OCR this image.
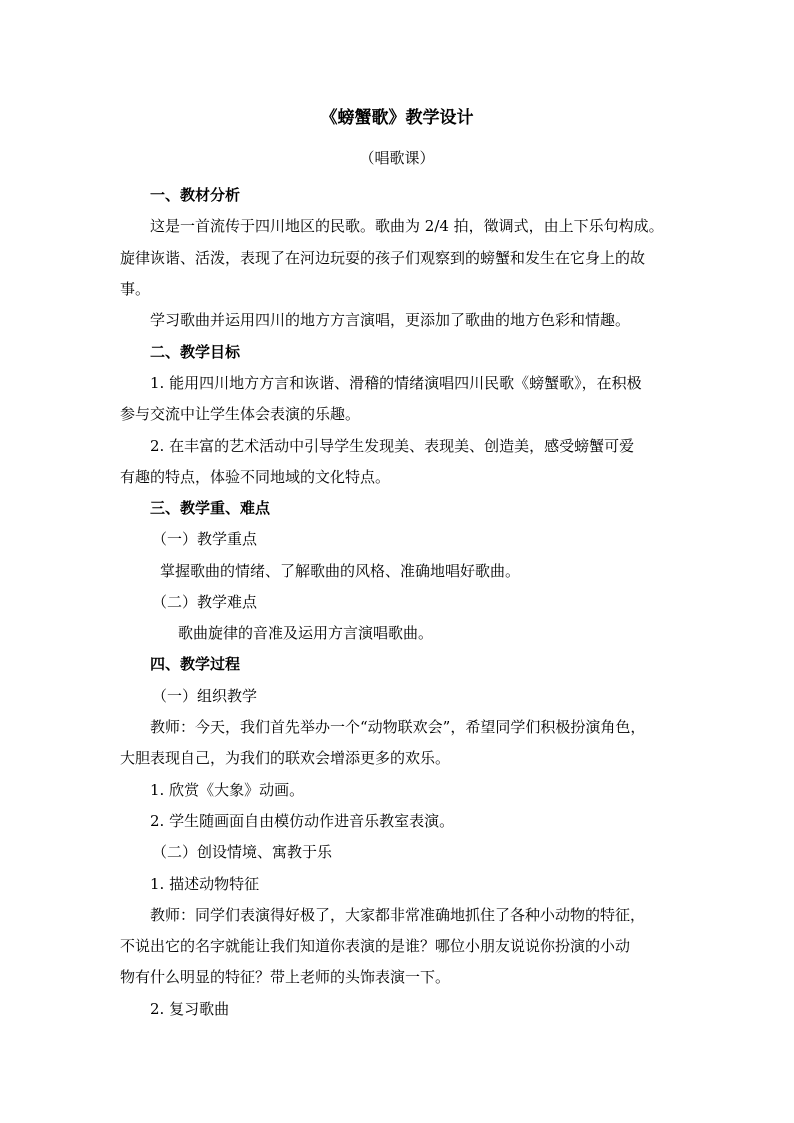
《螃蟹歌》教学设计
（唱歌课）
一、教材分析
这是一首流传于四川地区的民歌。歌曲为 2/4 拍，徵调式，由上下乐句构成。
旋律诙谐、活泼，表现了在河边玩耍的孩子们观察到的螃蟹和发生在它身上的故
事。
学习歌曲并运用四川的地方方言演唱，更添加了歌曲的地方色彩和情趣。
二、教学目标
1. 能用四川地方方言和诙谐、滑稽的情绪演唱四川民歌《螃蟹歌》，在积极
参与交流中让学生体会表演的乐趣。
2. 在丰富的艺术活动中引导学生发现美、表现美、创造美，感受螃蟹可爱
有趣的特点，体验不同地域的文化特点。
三、教学重、难点
（一）教学重点
掌握歌曲的情绪、了解歌曲的风格、准确地唱好歌曲。
（二）教学难点
歌曲旋律的音准及运用方言演唱歌曲。
四、教学过程
（一）组织教学
教师：今天，我们首先举办一个“动物联欢会”，希望同学们积极扮演角色，
大胆表现自己，为我们的联欢会增添更多的欢乐。
1. 欣赏《大象》动画。
2. 学生随画面自由模仿动作进音乐教室表演。
（二）创设情境、寓教于乐
1. 描述动物特征
教师：同学们表演得好极了，大家都非常准确地抓住了各种小动物的特征，
不说出它的名字就能让我们知道你表演的是谁？哪位小朋友说说你扮演的小动
物有什么明显的特征？带上老师的头饰表演一下。
2. 复习歌曲
